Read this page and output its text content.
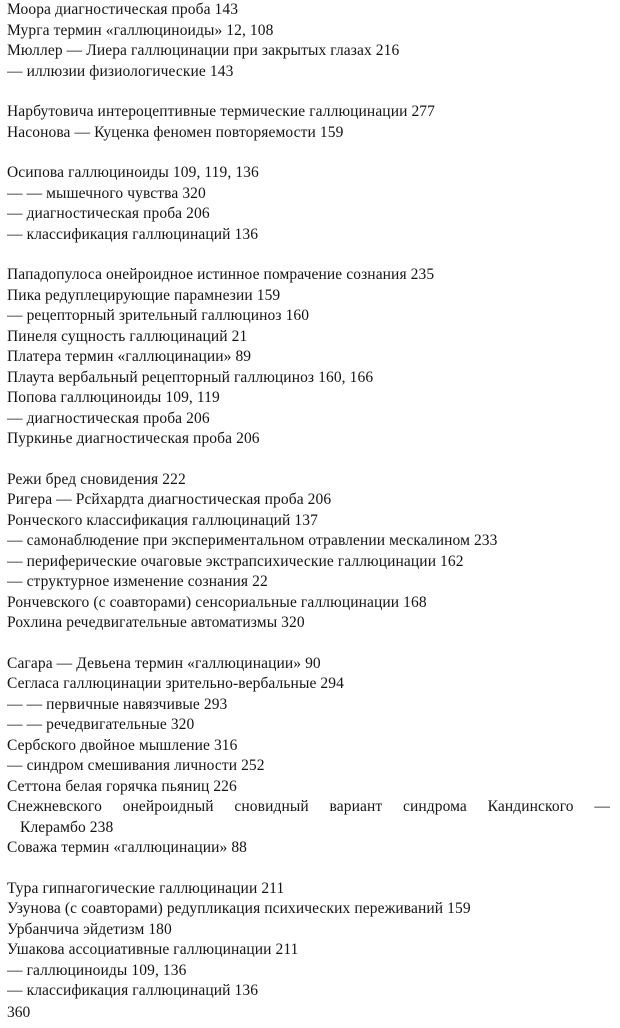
Моора диагностическая проба 143
Мурга термин «галлюциноиды» 12, 108
Мюллер — Лиера галлюцинации при закрытых глазах 216
— иллюзии физиологические 143
Нарбутовича интероцептивные термические галлюцинации 277
Насонова — Куценка феномен повторяемости 159
Осипова галлюциноиды 109, 119, 136
— — мышечного чувства 320
— диагностическая проба 206
— классификация галлюцинаций 136
Пападопулоса онейроидное истинное помрачение сознания 235
Пика редуплецирующие парамнезии 159
— рецепторный зрительный галлюциноз 160
Пинеля сущность галлюцинаций 21
Платера термин «галлюцинации» 89
Плаута вербальный рецепторный галлюциноз 160, 166
Попова галлюциноиды 109, 119
— диагностическая проба 206
Пуркинье диагностическая проба 206
Режи бред сновидения 222
Ригера — Рсйхардта диагностическая проба 206
Ронческого классификация галлюцинаций 137
— самонаблюдение при экспериментальном отравлении мескалином 233
— периферические очаговые экстрапсихические галлюцинации 162
— структурное изменение сознания 22
Рончевского (с соавторами) сенсориальные галлюцинации 168
Рохлина речедвигательные автоматизмы 320
Сагара — Девьена термин «галлюцинации» 90
Сегласа галлюцинации зрительно-вербальные 294
— — первичные навязчивые 293
— — речедвигательные 320
Сербского двойное мышление 316
— синдром смешивания личности 252
Сеттона белая горячка пьяниц 226
Снежневского онейроидный сновидный вариант синдрома Кандинского —
Клерамбо 238
Соважа термин «галлюцинации» 88
Тура гипнагогические галлюцинации 211
Узунова (с соавторами) редупликация психических переживаний 159
Урбанчича эйдетизм 180
Ушакова ассоциативные галлюцинации 211
— галлюциноиды 109, 136
— классификация галлюцинаций 136
360
